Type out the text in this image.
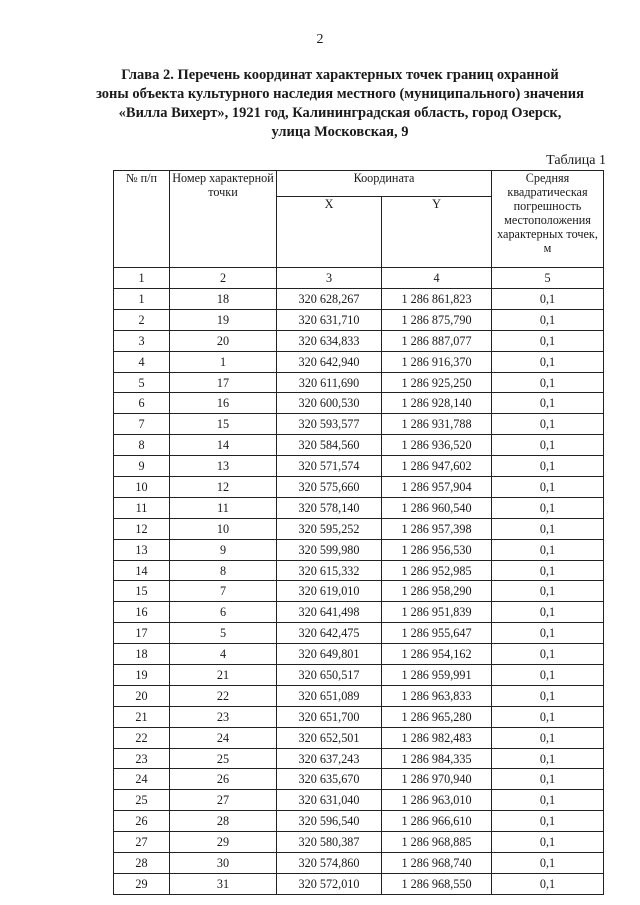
2
Глава 2. Перечень координат характерных точек границ охранной
зоны объекта культурного наследия местного (муниципального) значения
«Вилла Вихерт», 1921 год, Калининградская область, город Озерск,
улица Московская, 9
Таблица 1
№ п/п	Номер характерной точки	Координата		Средняя квадратическая погрешность местоположения характерных точек, м
		X	Y	
1	2	3	4	5
1	18	320 628,267	1 286 861,823	0,1
2	19	320 631,710	1 286 875,790	0,1
3	20	320 634,833	1 286 887,077	0,1
4	1	320 642,940	1 286 916,370	0,1
5	17	320 611,690	1 286 925,250	0,1
6	16	320 600,530	1 286 928,140	0,1
7	15	320 593,577	1 286 931,788	0,1
8	14	320 584,560	1 286 936,520	0,1
9	13	320 571,574	1 286 947,602	0,1
10	12	320 575,660	1 286 957,904	0,1
11	11	320 578,140	1 286 960,540	0,1
12	10	320 595,252	1 286 957,398	0,1
13	9	320 599,980	1 286 956,530	0,1
14	8	320 615,332	1 286 952,985	0,1
15	7	320 619,010	1 286 958,290	0,1
16	6	320 641,498	1 286 951,839	0,1
17	5	320 642,475	1 286 955,647	0,1
18	4	320 649,801	1 286 954,162	0,1
19	21	320 650,517	1 286 959,991	0,1
20	22	320 651,089	1 286 963,833	0,1
21	23	320 651,700	1 286 965,280	0,1
22	24	320 652,501	1 286 982,483	0,1
23	25	320 637,243	1 286 984,335	0,1
24	26	320 635,670	1 286 970,940	0,1
25	27	320 631,040	1 286 963,010	0,1
26	28	320 596,540	1 286 966,610	0,1
27	29	320 580,387	1 286 968,885	0,1
28	30	320 574,860	1 286 968,740	0,1
29	31	320 572,010	1 286 968,550	0,1
